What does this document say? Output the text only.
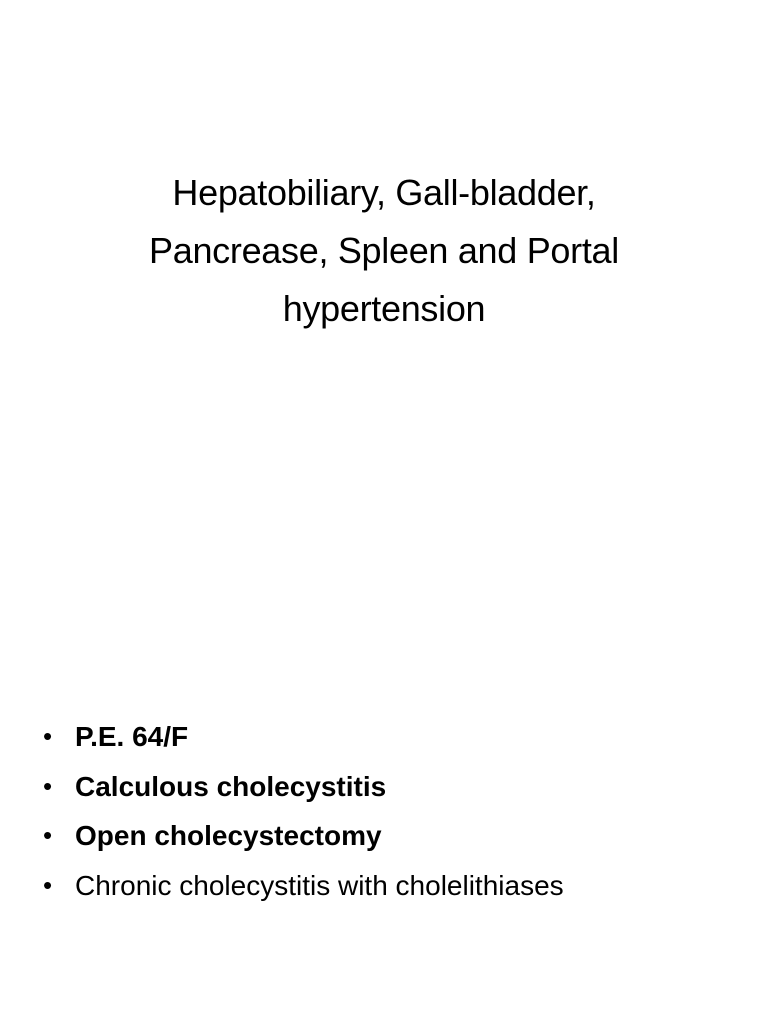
Hepatobiliary, Gall-bladder,
Pancrease, Spleen and Portal
hypertension
• P.E. 64/F
• Calculous cholecystitis
• Open cholecystectomy
• Chronic cholecystitis with cholelithiases
